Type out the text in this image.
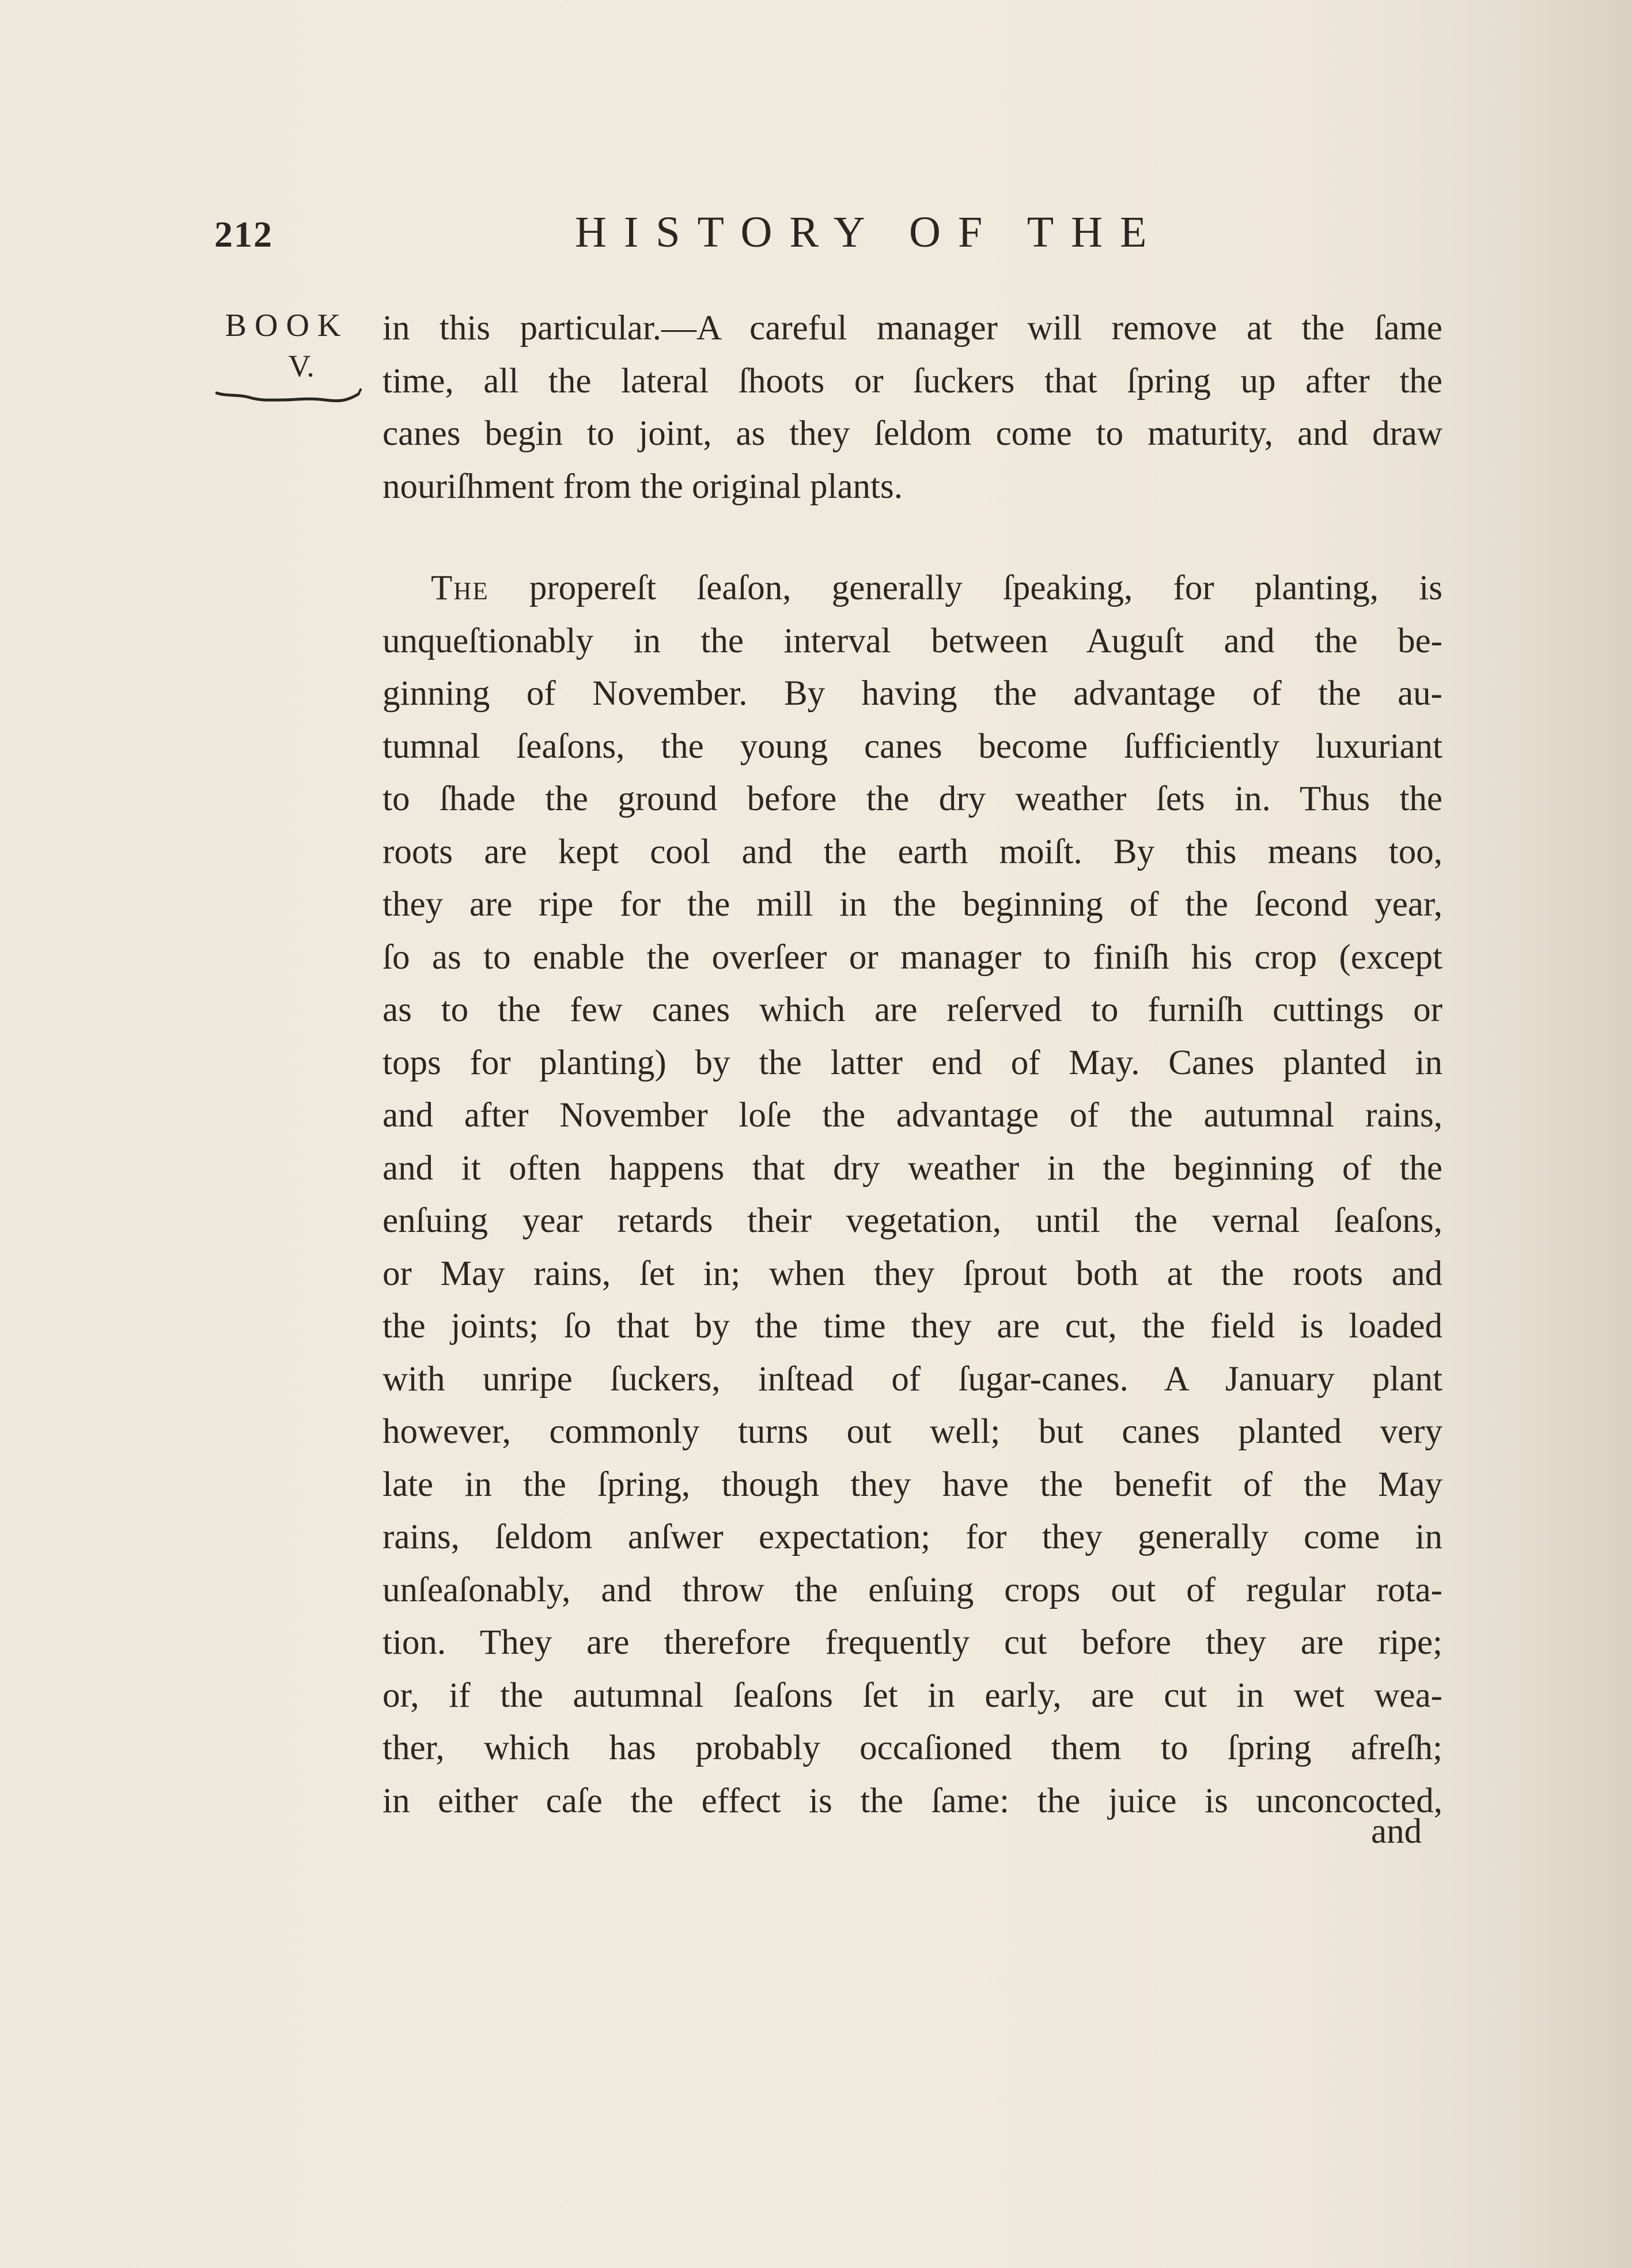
212	HISTORY OF THE
BOOK
V.
in this particular.—A careful manager will remove at the ſame
time, all the lateral ſhoots or ſuckers that ſpring up after the
canes begin to joint, as they ſeldom come to maturity, and draw
nouriſhment from the original plants.
The propereſt ſeaſon, generally ſpeaking, for planting, is
unqueſtionably in the interval between Auguſt and the be-
ginning of November. By having the advantage of the au-
tumnal ſeaſons, the young canes become ſufficiently luxuriant
to ſhade the ground before the dry weather ſets in. Thus the
roots are kept cool and the earth moiſt. By this means too,
they are ripe for the mill in the beginning of the ſecond year,
ſo as to enable the overſeer or manager to finiſh his crop (except
as to the few canes which are reſerved to furniſh cuttings or
tops for planting) by the latter end of May. Canes planted in
and after November loſe the advantage of the autumnal rains,
and it often happens that dry weather in the beginning of the
enſuing year retards their vegetation, until the vernal ſeaſons,
or May rains, ſet in; when they ſprout both at the roots and
the joints; ſo that by the time they are cut, the field is loaded
with unripe ſuckers, inſtead of ſugar-canes. A January plant
however, commonly turns out well; but canes planted very
late in the ſpring, though they have the benefit of the May
rains, ſeldom anſwer expectation; for they generally come in
unſeaſonably, and throw the enſuing crops out of regular rota-
tion. They are therefore frequently cut before they are ripe;
or, if the autumnal ſeaſons ſet in early, are cut in wet wea-
ther, which has probably occaſioned them to ſpring afreſh;
in either caſe the effect is the ſame: the juice is unconcocted,
and
